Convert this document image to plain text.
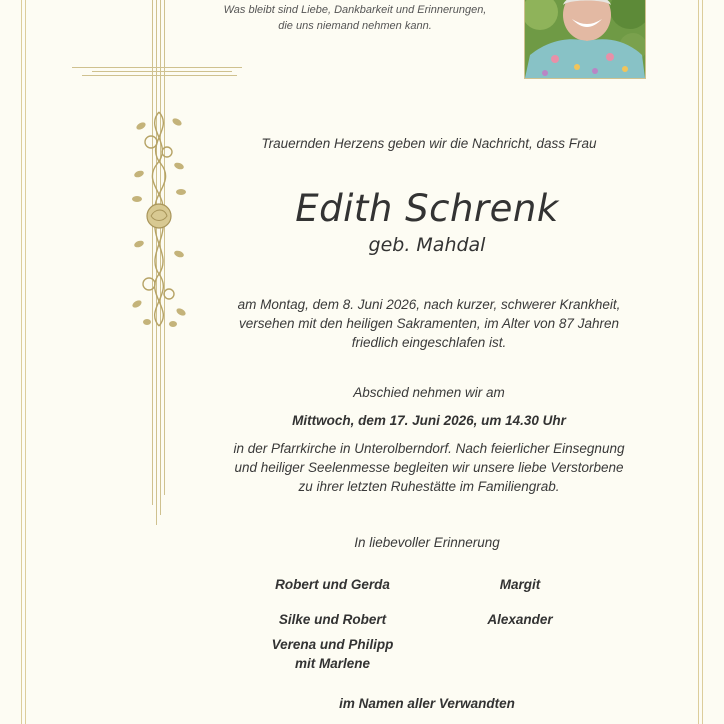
Was bleibt sind Liebe, Dankbarkeit und Erinnerungen,
die uns niemand nehmen kann.
Trauernden Herzens geben wir die Nachricht, dass Frau
Edith Schrenk
geb. Mahdal
am Montag, dem 8. Juni 2026, nach kurzer, schwerer Krankheit,
versehen mit den heiligen Sakramenten, im Alter von 87 Jahren
friedlich eingeschlafen ist.
Abschied nehmen wir am
Mittwoch, dem 17. Juni 2026, um 14.30 Uhr
in der Pfarrkirche in Unterolberndorf. Nach feierlicher Einsegnung
und heiliger Seelenmesse begleiten wir unsere liebe Verstorbene
zu ihrer letzten Ruhestätte im Familiengrab.
In liebevoller Erinnerung
Robert und Gerda	Margit
Silke und Robert	Alexander
Verena und Philipp
mit Marlene
im Namen aller Verwandten
